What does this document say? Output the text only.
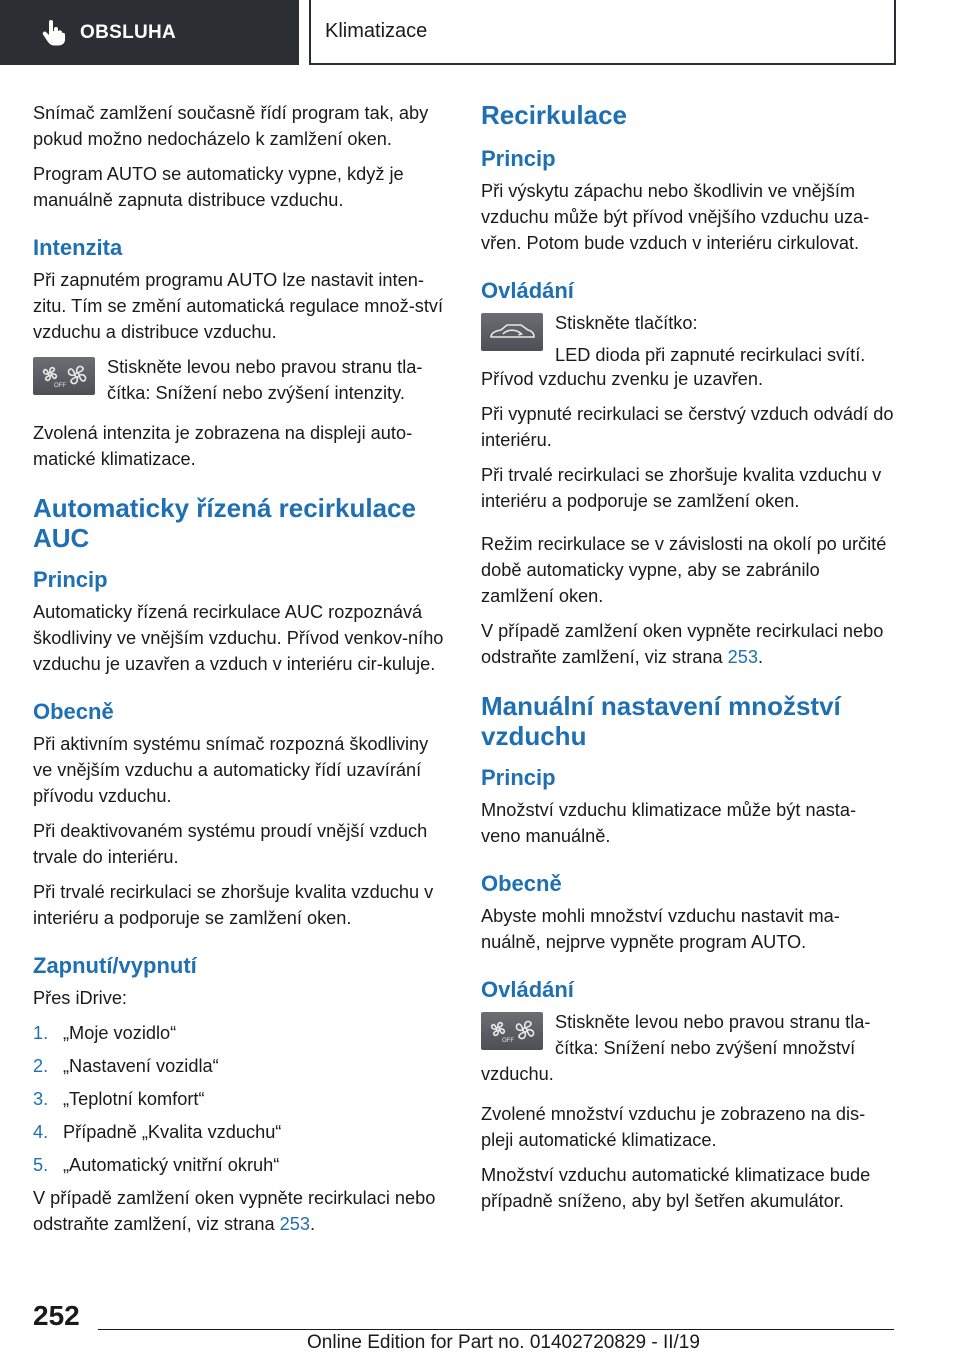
OBSLUHA	Klimatizace

Snímač zamlžení současně řídí program tak, aby pokud možno nedocházelo k zamlžení oken.

Program AUTO se automaticky vypne, když je manuálně zapnuta distribuce vzduchu.

Intenzita

Při zapnutém programu AUTO lze nastavit inten-zitu. Tím se změní automatická regulace množ-ství vzduchu a distribuce vzduchu.

OFF

Stiskněte levou nebo pravou stranu tla-čítka: Snížení nebo zvýšení intenzity.

Zvolená intenzita je zobrazena na displeji auto-matické klimatizace.

Automaticky řízená recirkulace AUC
Princip

Automaticky řízená recirkulace AUC rozpoznává škodliviny ve vnějším vzduchu. Přívod venkov-ního vzduchu je uzavřen a vzduch v interiéru cir-kuluje.

Obecně

Při aktivním systému snímač rozpozná škodliviny ve vnějším vzduchu a automaticky řídí uzavírání přívodu vzduchu.

Při deaktivovaném systému proudí vnější vzduch trvale do interiéru.

Při trvalé recirkulaci se zhoršuje kvalita vzduchu v interiéru a podporuje se zamlžení oken.

Zapnutí/vypnutí

Přes iDrive:

1. „Moje vozidlo“
2. „Nastavení vozidla“
3. „Teplotní komfort“
4. Případně „Kvalita vzduchu“
5. „Automatický vnitřní okruh“

V případě zamlžení oken vypněte recirkulaci nebo odstraňte zamlžení, viz strana 253.

Recirkulace
Princip

Při výskytu zápachu nebo škodlivin ve vnějším vzduchu může být přívod vnějšího vzduchu uza-vřen. Potom bude vzduch v interiéru cirkulovat.

Ovládání

Stiskněte tlačítko:

LED dioda při zapnuté recirkulaci svítí.

Přívod vzduchu zvenku je uzavřen.

Při vypnuté recirkulaci se čerstvý vzduch odvádí do interiéru.

Při trvalé recirkulaci se zhoršuje kvalita vzduchu v interiéru a podporuje se zamlžení oken.

Režim recirkulace se v závislosti na okolí po určité době automaticky vypne, aby se zabránilo zamlžení oken.

V případě zamlžení oken vypněte recirkulaci nebo odstraňte zamlžení, viz strana 253.

Manuální nastavení množství vzduchu
Princip

Množství vzduchu klimatizace může být nasta-veno manuálně.

Obecně

Abyste mohli množství vzduchu nastavit ma-nuálně, nejprve vypněte program AUTO.

Ovládání
OFF

Stiskněte levou nebo pravou stranu tla-čítka: Snížení nebo zvýšení množství vzduchu.

Zvolené množství vzduchu je zobrazeno na dis-pleji automatické klimatizace.

Množství vzduchu automatické klimatizace bude případně sníženo, aby byl šetřen akumulátor.

252
Online Edition for Part no. 01402720829 - II/19
